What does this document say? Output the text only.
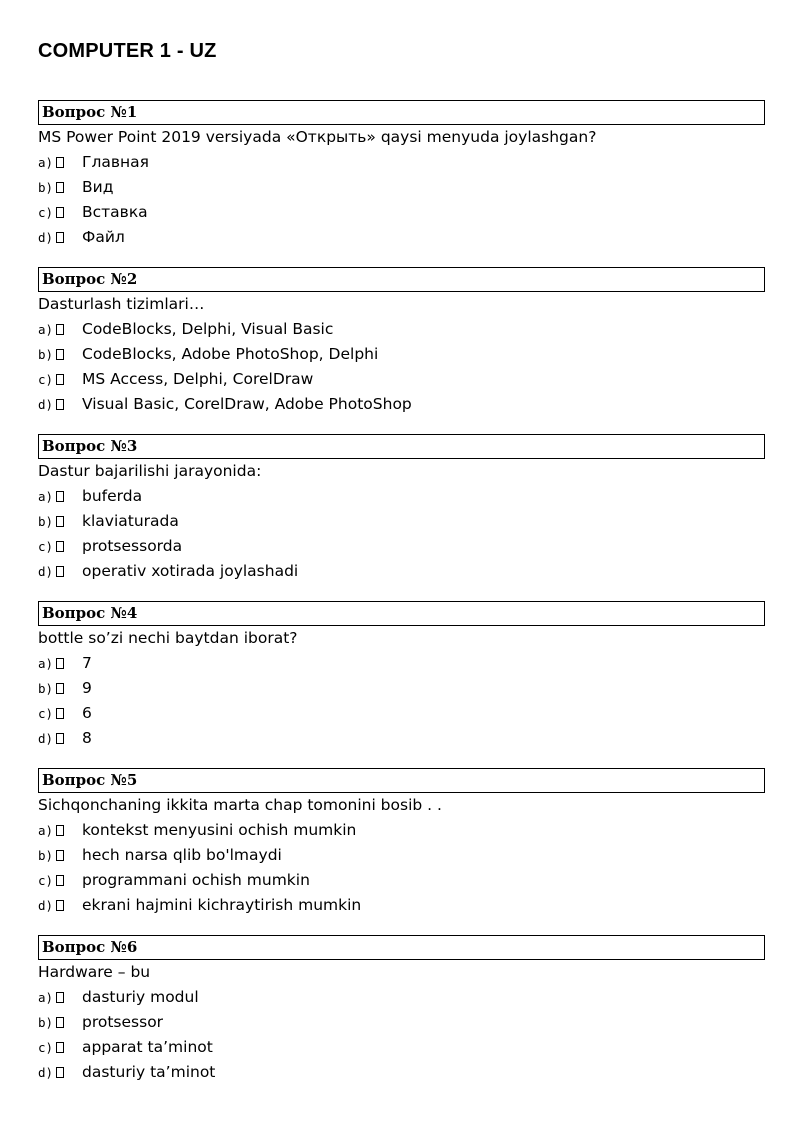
COMPUTER 1 - UZ
Вопрос №1
MS Power Point 2019 versiyada «Открыть» qaysi menyuda joylashgan?
a)	Главная
b)	Вид
c)	Вставка
d)	Файл
Вопрос №2
Dasturlash tizimlari…
a)	CodeBlocks, Delphi, Visual Basic
b)	CodeBlocks, Adobe PhotoShop, Delphi
c)	MS Access, Delphi, CorelDraw
d)	Visual Basic, CorelDraw, Adobe PhotoShop
Вопрос №3
Dastur bajarilishi jarayonida:
a)	buferda
b)	klaviaturada
c)	protsessorda
d)	operativ xotirada joylashadi
Вопрос №4
bottle so’zi nechi baytdan iborat?
a)	7
b)	9
c)	6
d)	8
Вопрос №5
Sichqonchaning ikkita marta chap tomonini bosib . .
a)	kontekst menyusini ochish mumkin
b)	hech narsa qlib bo'lmaydi
c)	programmani ochish mumkin
d)	ekrani hajmini kichraytirish mumkin
Вопрос №6
Hardware – bu
a)	dasturiy modul
b)	protsessor
c)	apparat ta’minot
d)	dasturiy ta’minot
